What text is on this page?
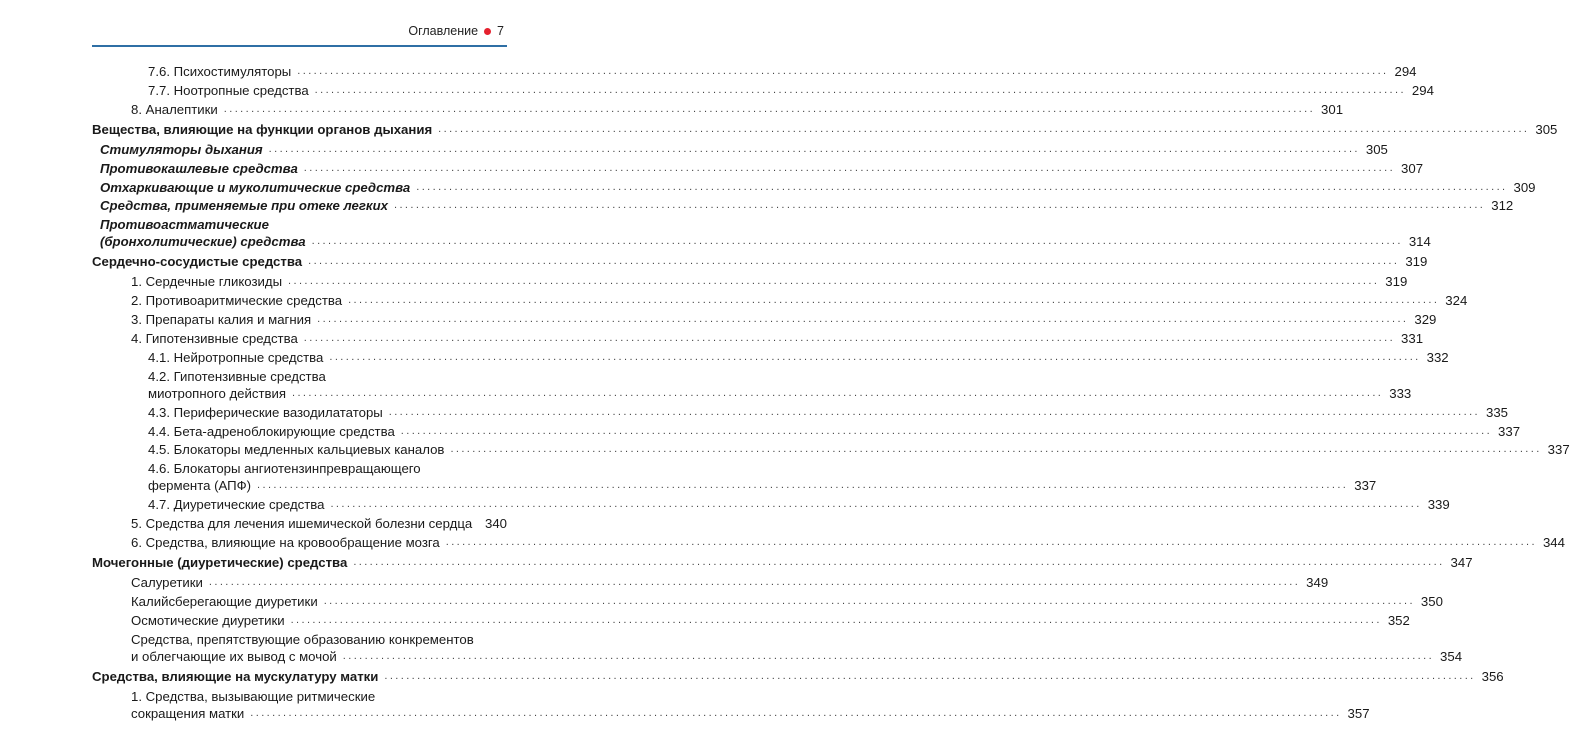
Оглавление 7
7.6. Психостимуляторы ........................................................................................................................................................................................................ 294
7.7. Ноотропные средства ........................................................................................................................................................................................................ 294
8. Аналептики ........................................................................................................................................................................................................ 301
Вещества, влияющие на функции органов дыхания ........................................................................................................................................................................................................ 305
Стимуляторы дыхания ........................................................................................................................................................................................................ 305
Противокашлевые средства ........................................................................................................................................................................................................ 307
Отхаркивающие и муколитические средства ........................................................................................................................................................................................................ 309
Средства, применяемые при отеке легких ........................................................................................................................................................................................................ 312
Противоастматические
(бронхолитические) средства ........................................................................................................................................................................................................ 314
Сердечно-сосудистые средства ........................................................................................................................................................................................................ 319
1. Сердечные гликозиды ........................................................................................................................................................................................................ 319
2. Противоаритмические средства ........................................................................................................................................................................................................ 324
3. Препараты калия и магния ........................................................................................................................................................................................................ 329
4. Гипотензивные средства ........................................................................................................................................................................................................ 331
4.1. Нейротропные средства ........................................................................................................................................................................................................ 332
4.2. Гипотензивные средства
миотропного действия ........................................................................................................................................................................................................ 333
4.3. Периферические вазодилататоры ........................................................................................................................................................................................................ 335
4.4. Бета-адреноблокирующие средства ........................................................................................................................................................................................................ 337
4.5. Блокаторы медленных кальциевых каналов ........................................................................................................................................................................................................ 337
4.6. Блокаторы ангиотензинпревращающего
фермента (АПФ) ........................................................................................................................................................................................................ 337
4.7. Диуретические средства ........................................................................................................................................................................................................ 339
5. Средства для лечения ишемической болезни сердца 340
6. Средства, влияющие на кровообращение мозга ........................................................................................................................................................................................................ 344
Мочегонные (диуретические) средства ........................................................................................................................................................................................................ 347
Салуретики ........................................................................................................................................................................................................ 349
Калийсберегающие диуретики ........................................................................................................................................................................................................ 350
Осмотические диуретики ........................................................................................................................................................................................................ 352
Средства, препятствующие образованию конкрементов
и облегчающие их вывод с мочой ........................................................................................................................................................................................................ 354
Средства, влияющие на мускулатуру матки ........................................................................................................................................................................................................ 356
1. Средства, вызывающие ритмические
сокращения матки ........................................................................................................................................................................................................ 357
